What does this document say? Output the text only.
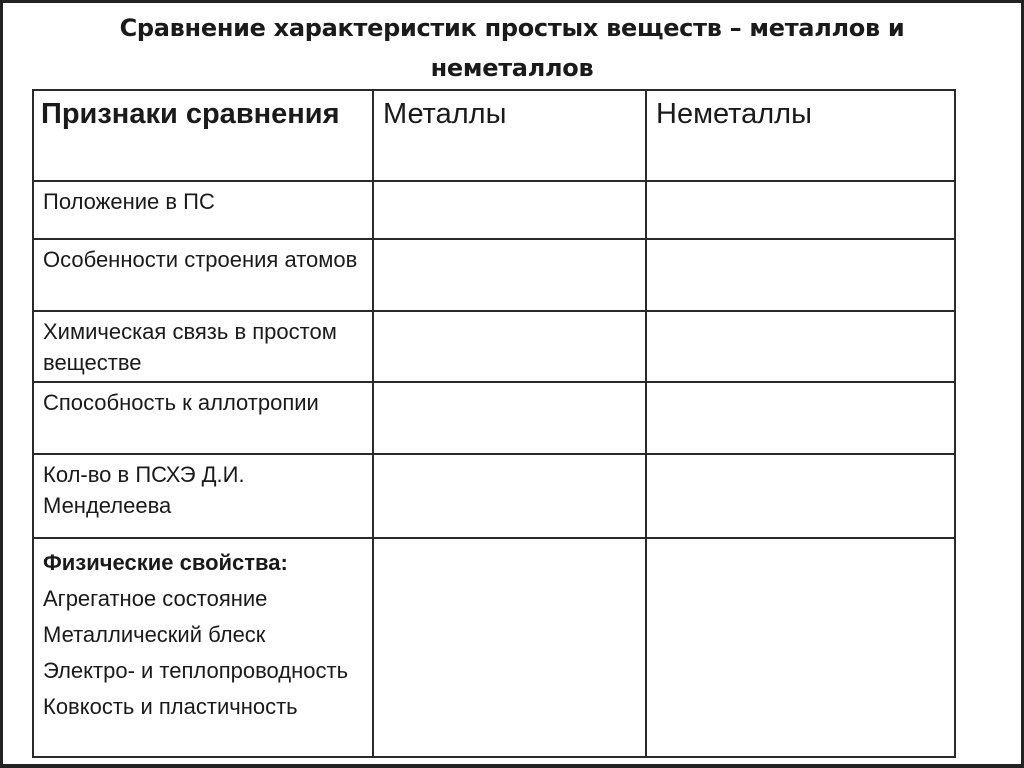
Сравнение характеристик простых веществ – металлов и неметаллов
Признаки сравнения	Металлы	Неметаллы
Положение в ПС		
Особенности строения атомов		
Химическая связь в простом веществе		
Способность к аллотропии		
Кол-во в ПСХЭ Д.И. Менделеева		

Физические свойства:
Агрегатное состояние
Металлический блеск
Электро- и теплопроводность
Ковкость и пластичность		
